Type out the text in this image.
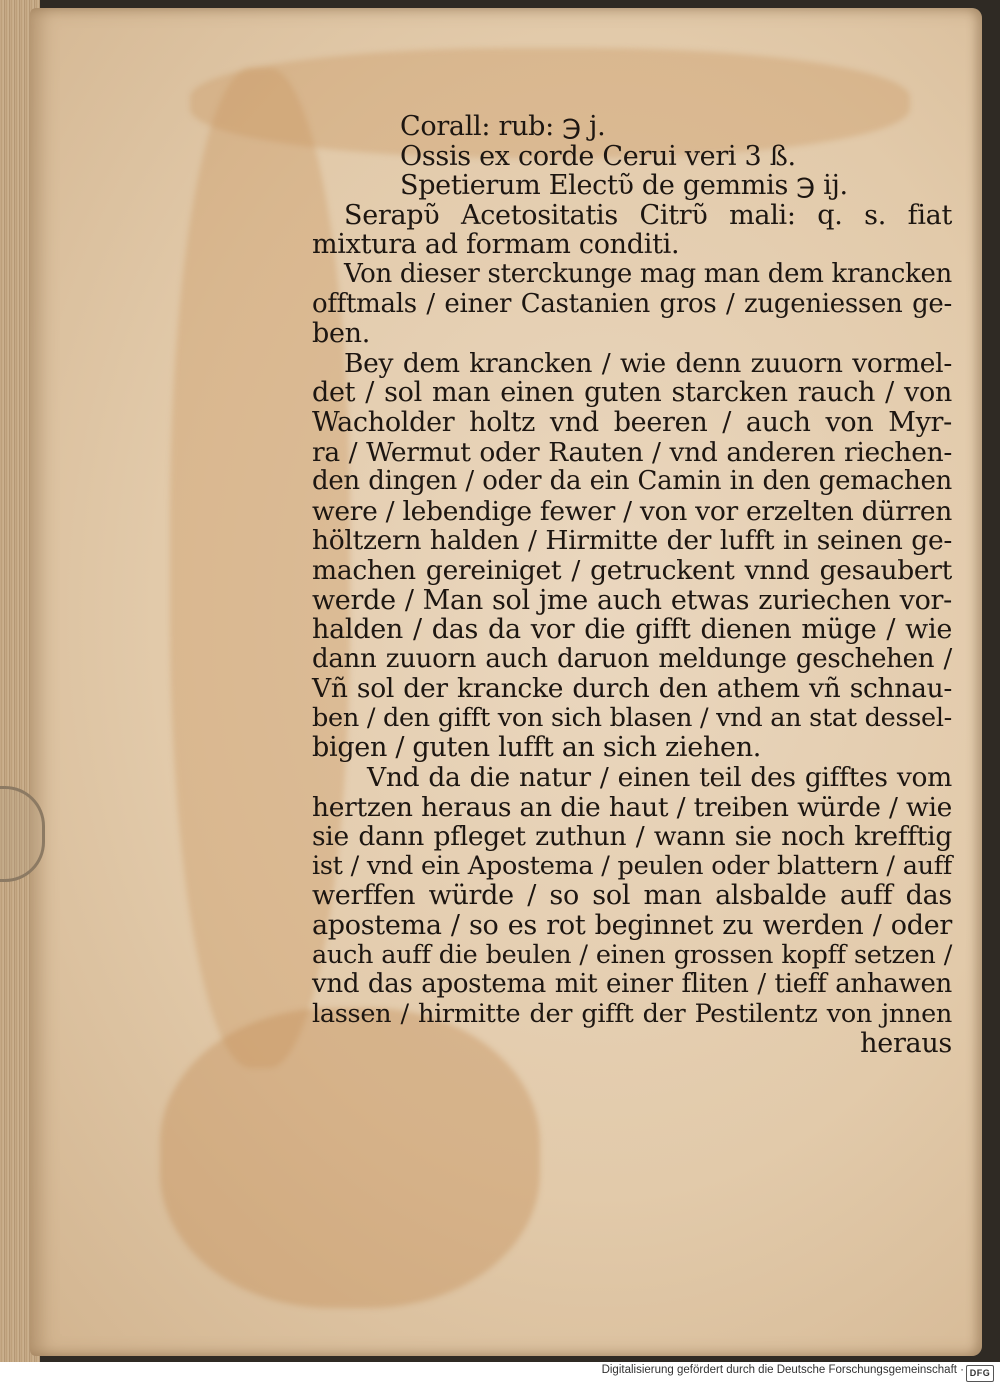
Corall: rub: ℈ j.
Ossis ex corde Cerui veri 3 ß.
Spetierum Electῦ de gemmis ℈ ij.
Serapῦ Acetositatis Citrῦ mali: q. s. fiat
mixtura ad formam conditi.
Von dieser sterckunge mag man dem krancken
offtmals / einer Castanien gros / zugeniessen ge-
ben.
Bey dem krancken / wie denn zuuorn vormel-
det / sol man einen guten starcken rauch / von
Wacholder holtz vnd beeren / auch von Myr-
ra / Wermut oder Rauten / vnd anderen riechen-
den dingen / oder da ein Camin in den gemachen
were / lebendige fewer / von vor erzelten dürren
höltzern halden / Hirmitte der lufft in seinen ge-
machen gereiniget / getruckent vnnd gesaubert
werde / Man sol jme auch etwas zuriechen vor-
halden / das da vor die gifft dienen müge / wie
dann zuuorn auch daruon meldunge geschehen /
Vñ sol der krancke durch den athem vñ schnau-
ben / den gifft von sich blasen / vnd an stat dessel-
bigen / guten lufft an sich ziehen.
Vnd da die natur / einen teil des gifftes vom
hertzen heraus an die haut / treiben würde / wie
sie dann pfleget zuthun / wann sie noch krefftig
ist / vnd ein Apostema / peulen oder blattern / auff
werffen würde / so sol man alsbalde auff das
apostema / so es rot beginnet zu werden / oder
auch auff die beulen / einen grossen kopff setzen /
vnd das apostema mit einer fliten / tieff anhawen
lassen / hirmitte der gifft der Pestilentz von jnnen
heraus
Digitalisierung gefördert durch die Deutsche Forschungsgemeinschaft · DFG
